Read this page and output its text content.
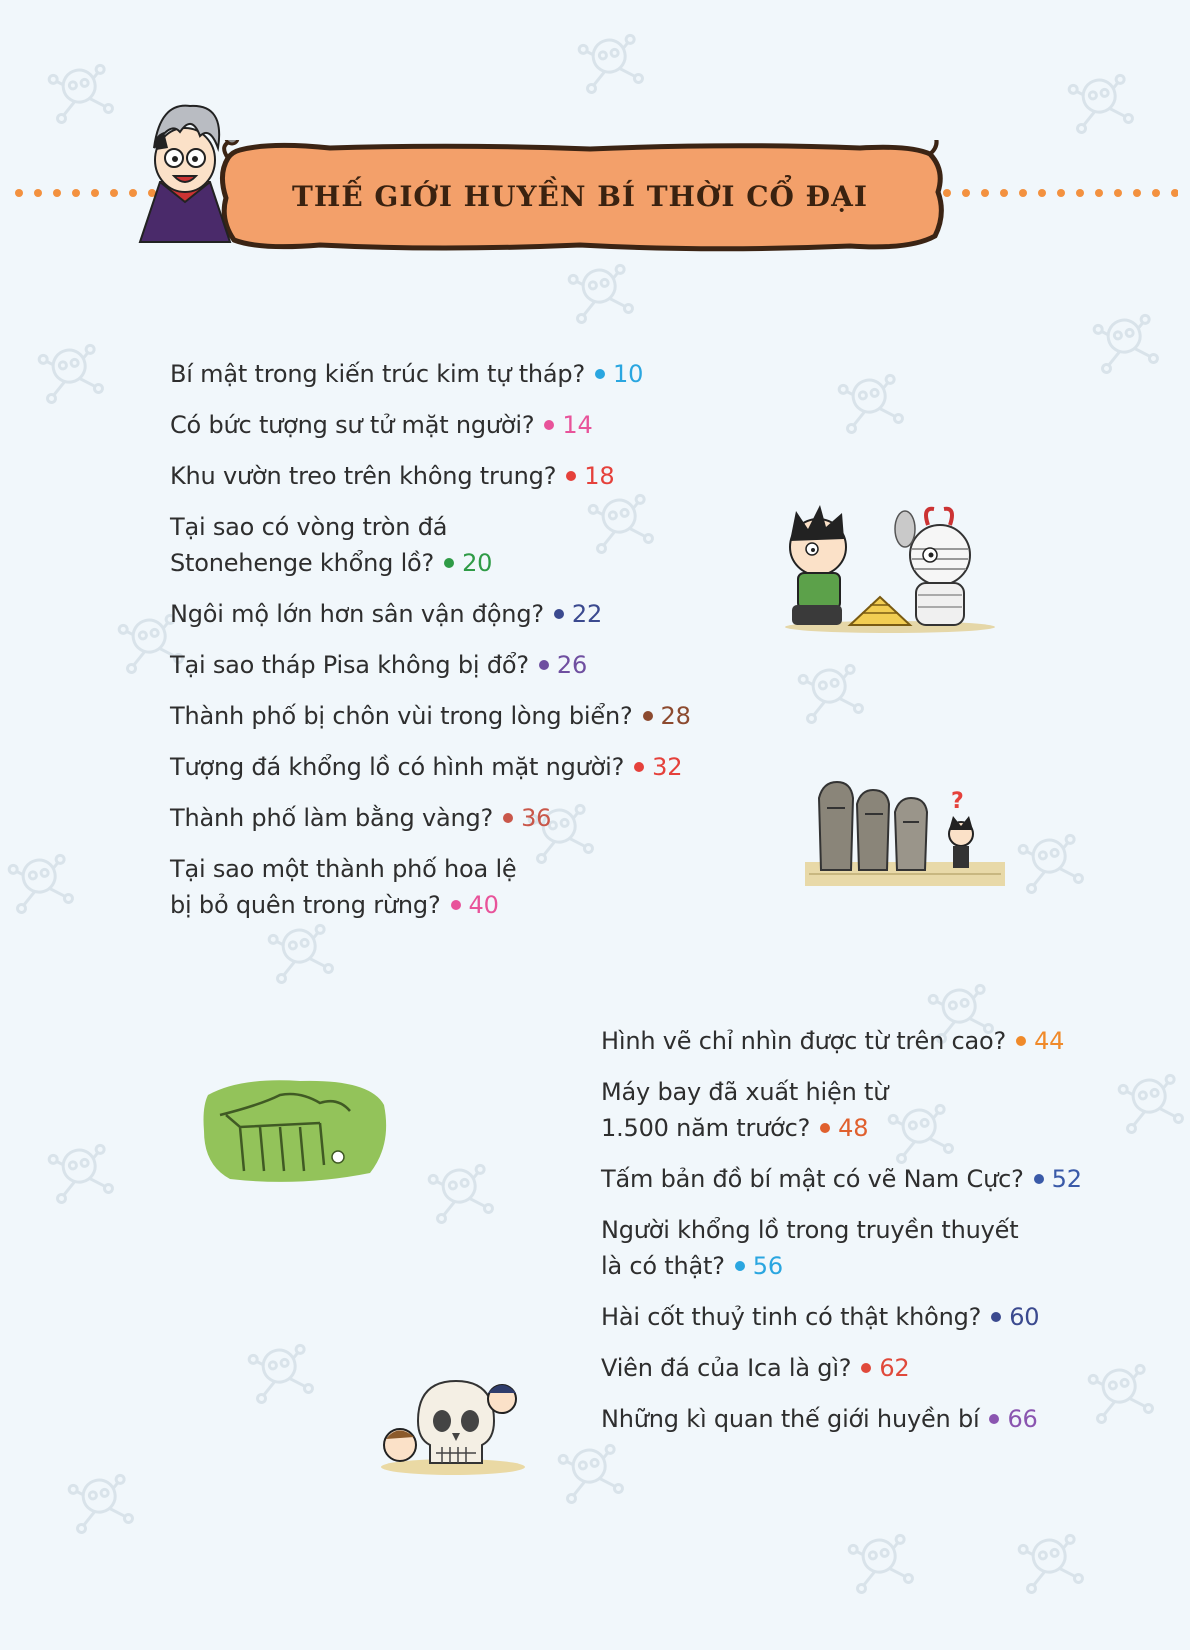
THẾ GIỚI HUYỀN BÍ THỜI CỔ ĐẠI
Bí mật trong kiến trúc kim tự tháp? 10
Có bức tượng sư tử mặt người? 14
Khu vườn treo trên không trung? 18
Tại sao có vòng tròn đá
Stonehenge khổng lồ? 20
Ngôi mộ lớn hơn sân vận động? 22
Tại sao tháp Pisa không bị đổ? 26
Thành phố bị chôn vùi trong lòng biển? 28
Tượng đá khổng lồ có hình mặt người? 32
Thành phố làm bằng vàng? 36
Tại sao một thành phố hoa lệ
bị bỏ quên trong rừng? 40
Hình vẽ chỉ nhìn được từ trên cao? 44
Máy bay đã xuất hiện từ
1.500 năm trước? 48
Tấm bản đồ bí mật có vẽ Nam Cực? 52
Người khổng lồ trong truyền thuyết
là có thật? 56
Hài cốt thuỷ tinh có thật không? 60
Viên đá của Ica là gì? 62
Những kì quan thế giới huyền bí 66
?
